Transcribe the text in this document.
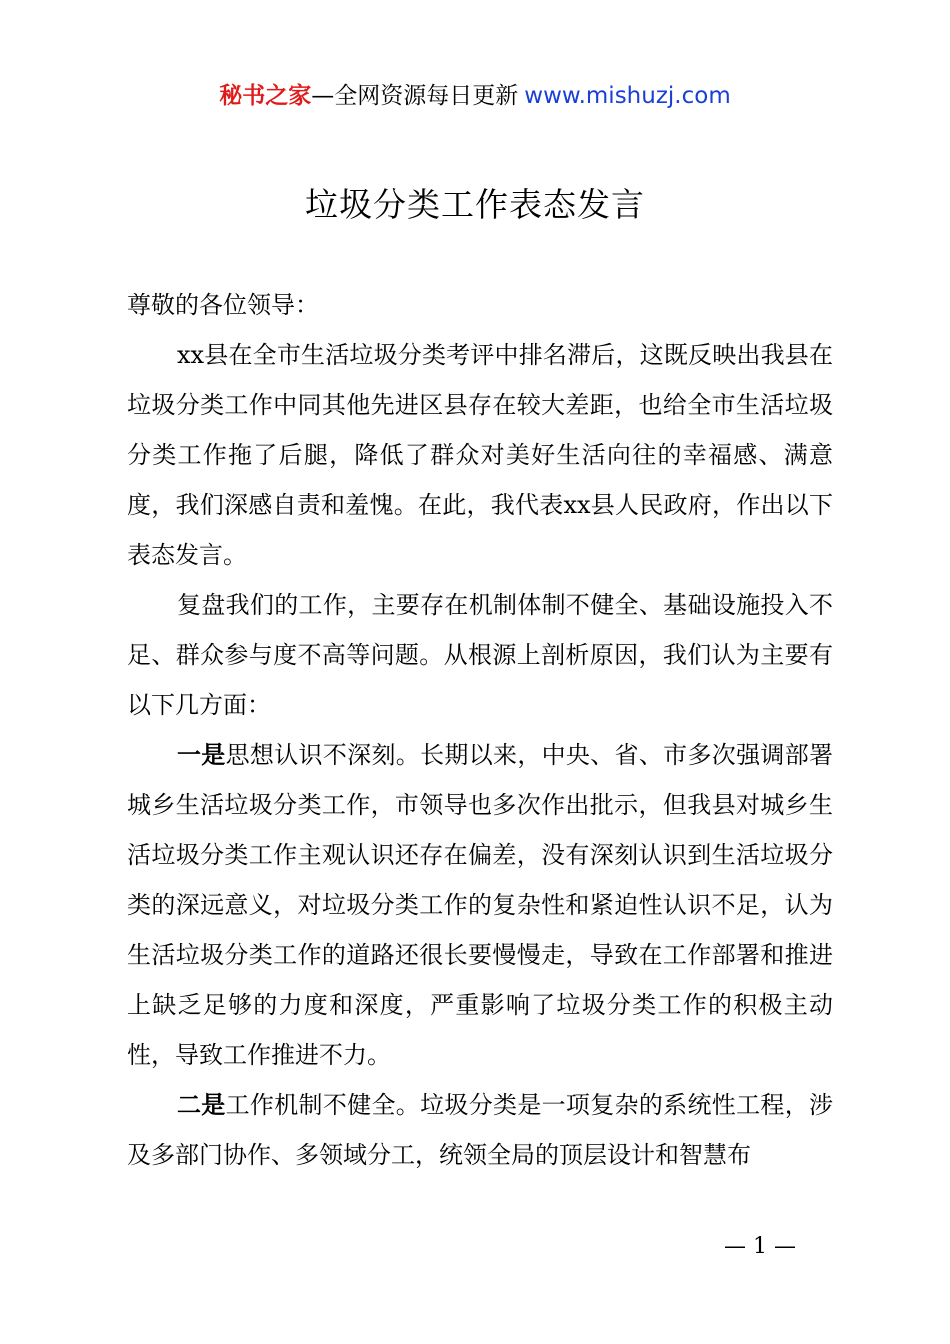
秘书之家—全网资源每日更新 www.mishuzj.com
垃圾分类工作表态发言

尊敬的各位领导：

xx县在全市生活垃圾分类考评中排名滞后，这既反映出我县在垃圾分类工作中同其他先进区县存在较大差距，也给全市生活垃圾分类工作拖了后腿，降低了群众对美好生活向往的幸福感、满意度，我们深感自责和羞愧。在此，我代表xx县人民政府，作出以下表态发言。

复盘我们的工作，主要存在机制体制不健全、基础设施投入不足、群众参与度不高等问题。从根源上剖析原因，我们认为主要有以下几方面：

一是思想认识不深刻。长期以来，中央、省、市多次强调部署城乡生活垃圾分类工作，市领导也多次作出批示，但我县对城乡生活垃圾分类工作主观认识还存在偏差，没有深刻认识到生活垃圾分类的深远意义，对垃圾分类工作的复杂性和紧迫性认识不足，认为生活垃圾分类工作的道路还很长要慢慢走，导致在工作部署和推进上缺乏足够的力度和深度，严重影响了垃圾分类工作的积极主动性，导致工作推进不力。

二是工作机制不健全。垃圾分类是一项复杂的系统性工程，涉及多部门协作、多领域分工，统领全局的顶层设计和智慧布

— 1 —
